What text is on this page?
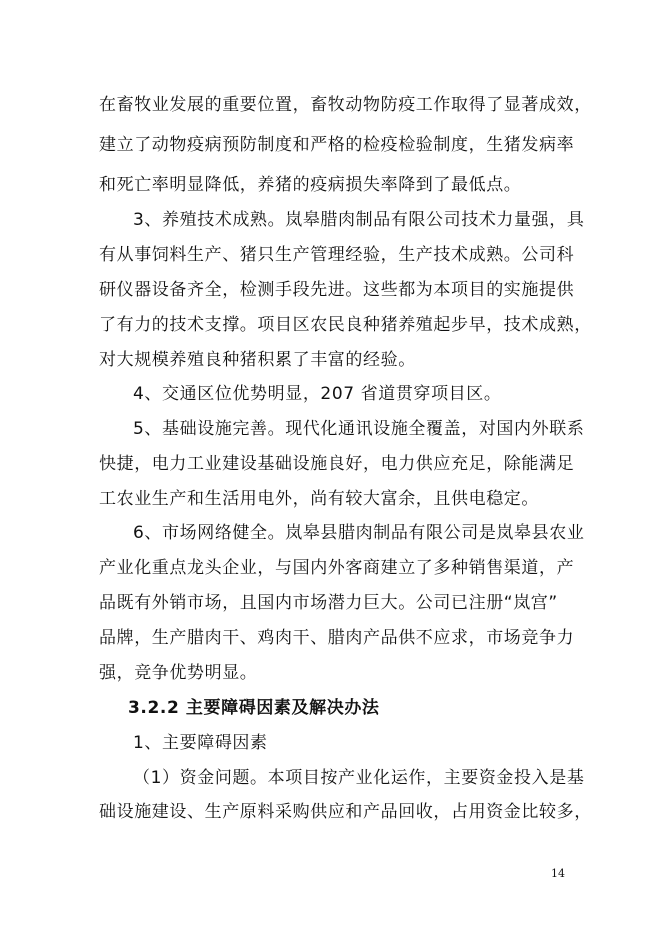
在畜牧业发展的重要位置，畜牧动物防疫工作取得了显著成效，
建立了动物疫病预防制度和严格的检疫检验制度，生猪发病率
和死亡率明显降低，养猪的疫病损失率降到了最低点。
3、养殖技术成熟。岚皋腊肉制品有限公司技术力量强，具
有从事饲料生产、猪只生产管理经验，生产技术成熟。公司科
研仪器设备齐全，检测手段先进。这些都为本项目的实施提供
了有力的技术支撑。项目区农民良种猪养殖起步早，技术成熟，
对大规模养殖良种猪积累了丰富的经验。
4、交通区位优势明显，207 省道贯穿项目区。
5、基础设施完善。现代化通讯设施全覆盖，对国内外联系
快捷，电力工业建设基础设施良好，电力供应充足，除能满足
工农业生产和生活用电外，尚有较大富余，且供电稳定。
6、市场网络健全。岚皋县腊肉制品有限公司是岚皋县农业
产业化重点龙头企业，与国内外客商建立了多种销售渠道，产
品既有外销市场，且国内市场潜力巨大。公司已注册“岚宫”
品牌，生产腊肉干、鸡肉干、腊肉产品供不应求，市场竞争力
强，竞争优势明显。
3.2.2 主要障碍因素及解决办法
1、主要障碍因素
（1）资金问题。本项目按产业化运作，主要资金投入是基
础设施建设、生产原料采购供应和产品回收，占用资金比较多，
14
